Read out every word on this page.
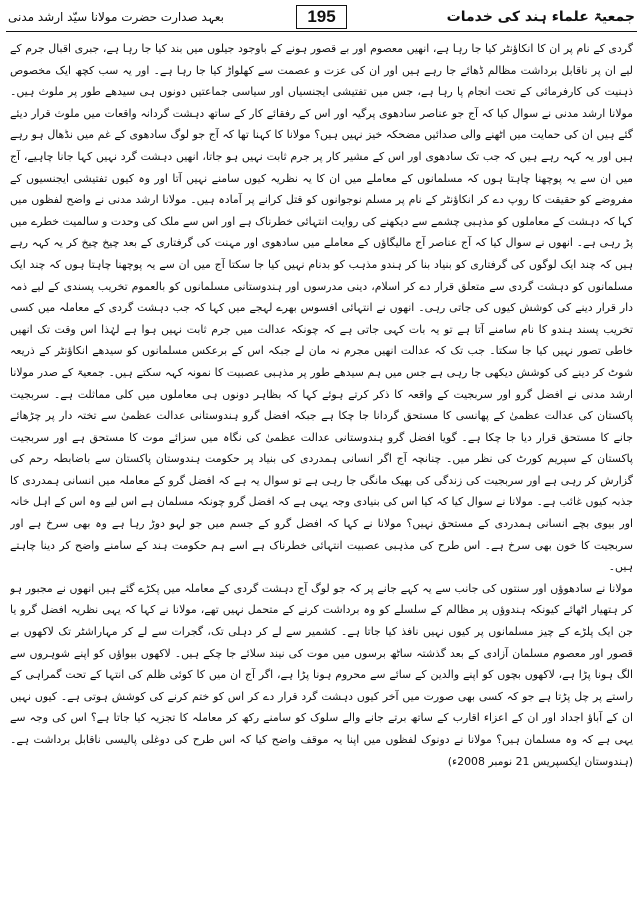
بعہد صدارت حضرت مولانا سیّد ارشد مدنی	195	جمعیۃ علماء ہند کی خدمات

گردی کے نام پر ان کا انکاؤنٹر کیا جا رہا ہے، انھیں معصوم اور بے قصور ہونے کے باوجود جیلوں میں بند کیا جا رہا ہے، جبری اقبال جرم کے لیے ان پر ناقابل برداشت مظالم ڈھائے جا رہے ہیں اور ان کی عزت و عصمت سے کھلواڑ کیا جا رہا ہے۔ اور یہ سب کچھ ایک مخصوص ذہنیت کی کارفرمائی کے تحت انجام پا رہا ہے، جس میں تفتیشی ایجنسیاں اور سیاسی جماعتیں دونوں ہی سیدھے طور پر ملوث ہیں۔ مولانا ارشد مدنی نے سوال کیا کہ آج جو عناصر سادھوی پرگیہ اور اس کے رفقائے کار کے ساتھ دہشت گردانہ واقعات میں ملوث قرار دیئے گئے ہیں ان کی حمایت میں اٹھنے والی صدائیں مضحکہ خیز نہیں ہیں؟ مولانا کا کہنا تھا کہ آج جو لوگ سادھوی کے غم میں نڈھال ہو رہے ہیں اور یہ کہہ رہے ہیں کہ جب تک سادھوی اور اس کے مشیر کار پر جرم ثابت نہیں ہو جاتا، انھیں دہشت گرد نہیں کہا جانا چاہیے، آج میں ان سے یہ پوچھنا چاہتا ہوں کہ مسلمانوں کے معاملے میں ان کا یہ نظریہ کیوں سامنے نہیں آتا اور وہ کیوں تفتیشی ایجنسیوں کے مفروضے کو حقیقت کا روپ دے کر انکاؤنٹر کے نام پر مسلم نوجوانوں کو قتل کرانے پر آمادہ ہیں۔ مولانا ارشد مدنی نے واضح لفظوں میں کہا کہ دہشت کے معاملوں کو مذہبی چشمے سے دیکھنے کی روایت انتہائی خطرناک ہے اور اس سے ملک کی وحدت و سالمیت خطرے میں پڑ رہی ہے۔ انھوں نے سوال کیا کہ آج عناصر آج مالیگاؤں کے معاملے میں سادھوی اور مہنت کی گرفتاری کے بعد چیخ چیخ کر یہ کہہ رہے ہیں کہ چند ایک لوگوں کی گرفتاری کو بنیاد بنا کر ہندو مذہب کو بدنام نہیں کیا جا سکتا آج میں ان سے یہ پوچھنا چاہتا ہوں کہ چند ایک مسلمانوں کو دہشت گردی سے متعلق قرار دے کر اسلام، دینی مدرسوں اور ہندوستانی مسلمانوں کو بالعموم تخریب پسندی کے لیے ذمہ دار قرار دینے کی کوشش کیوں کی جاتی رہی۔ انھوں نے انتہائی افسوس بھرے لہجے میں کہا کہ جب دہشت گردی کے معاملہ میں کسی تخریب پسند ہندو کا نام سامنے آتا ہے تو یہ بات کہی جاتی ہے کہ چونکہ عدالت میں جرم ثابت نہیں ہوا ہے لہٰذا اس وقت تک انھیں خاطی تصور نہیں کیا جا سکتا۔ جب تک کہ عدالت انھیں مجرم نہ مان لے جبکہ اس کے برعکس مسلمانوں کو سیدھے انکاؤنٹر کے ذریعہ شوٹ کر دینے کی کوشش دیکھی جا رہی ہے جس میں ہم سیدھے طور پر مذہبی عصبیت کا نمونہ کہہ سکتے ہیں۔ جمعیۃ کے صدر مولانا ارشد مدنی نے افضل گرو اور سربجیت کے واقعہ کا ذکر کرتے ہوئے کہا کہ بظاہر دونوں ہی معاملوں میں کلی مماثلت ہے۔ سربجیت پاکستان کی عدالت عظمیٰ کے پھانسی کا مستحق گردانا جا چکا ہے جبکہ افضل گرو ہندوستانی عدالت عظمیٰ سے تختہ دار پر چڑھائے جانے کا مستحق قرار دیا جا چکا ہے۔ گویا افضل گرو ہندوستانی عدالت عظمیٰ کی نگاہ میں سزائے موت کا مستحق ہے اور سربجیت پاکستان کے سپریم کورٹ کی نظر میں۔ چنانچہ آج اگر انسانی ہمدردی کی بنیاد پر حکومت ہندوستان پاکستان سے باضابطہ رحم کی گزارش کر رہی ہے اور سربجیت کی زندگی کی بھیک مانگی جا رہی ہے تو سوال یہ ہے کہ افضل گرو کے معاملہ میں انسانی ہمدردی کا جذبہ کیوں غائب ہے۔ مولانا نے سوال کیا کہ کیا اس کی بنیادی وجہ یہی ہے کہ افضل گرو چونکہ مسلمان ہے اس لیے وہ اس کے اہل خانہ اور بیوی بچے انسانی ہمدردی کے مستحق نہیں؟ مولانا نے کہا کہ افضل گرو کے جسم میں جو لہو دوڑ رہا ہے وہ بھی سرخ ہے اور سربجیت کا خون بھی سرخ ہے۔ اس طرح کی مذہبی عصبیت انتہائی خطرناک ہے اسے ہم حکومت ہند کے سامنے واضح کر دینا چاہتے ہیں۔

مولانا نے سادھوؤں اور سنتوں کی جانب سے یہ کہے جانے پر کہ جو لوگ آج دہشت گردی کے معاملہ میں پکڑے گئے ہیں انھوں نے مجبور ہو کر ہتھیار اٹھائے کیونکہ ہندوؤں پر مظالم کے سلسلے کو وہ برداشت کرنے کے متحمل نہیں تھے، مولانا نے کہا کہ یہی نظریہ افضل گرو یا جن ایک پلڑے کے چیز مسلمانوں پر کیوں نہیں نافذ کیا جاتا ہے۔ کشمیر سے لے کر دہلی تک، گجرات سے لے کر مہاراشٹر تک لاکھوں بے قصور اور معصوم مسلمان آزادی کے بعد گذشتہ ساٹھ برسوں میں موت کی نیند سلائے جا چکے ہیں۔ لاکھوں بیواؤں کو اپنے شوہروں سے الگ ہونا پڑا ہے، لاکھوں بچوں کو اپنے والدین کے سائے سے محروم ہونا پڑا ہے، اگر آج ان میں کا کوئی ظلم کی انتہا کے تحت گمراہی کے راستے پر چل پڑتا ہے جو کہ کسی بھی صورت میں آخر کیوں دہشت گرد قرار دے کر اس کو ختم کرنے کی کوشش ہوتی ہے۔ کیوں نہیں ان کے آباؤ اجداد اور ان کے اعزاء اقارب کے ساتھ برتے جانے والے سلوک کو سامنے رکھ کر معاملہ کا تجزیہ کیا جاتا ہے؟ اس کی وجہ سے یہی ہے کہ وہ مسلمان ہیں؟ مولانا نے دونوک لفظوں میں اپنا یہ موقف واضح کیا کہ اس طرح کی دوغلی پالیسی ناقابل برداشت ہے۔ (ہندوستان ایکسپریس 21 نومبر 2008ء)
